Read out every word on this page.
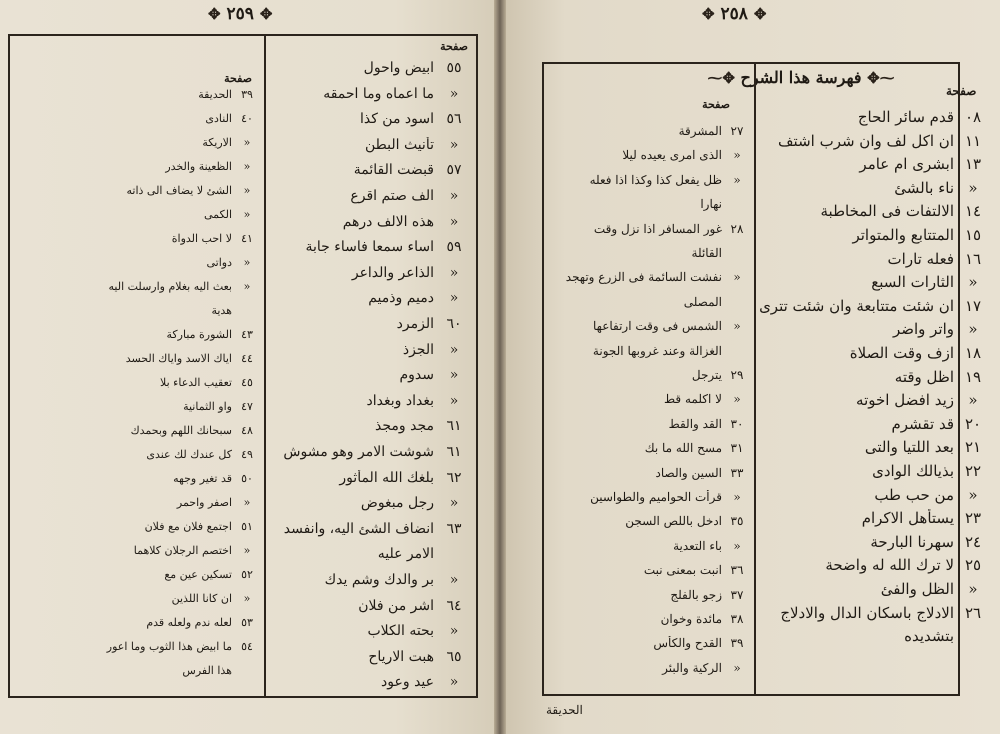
✥ ٢٥٩ ✥
صفحة
صفحة
٥٥
ابيض واحول
»
ما اعماه وما احمقه
٥٦
اسود من كذا
»
تأنيث البطن
٥٧
قبضت القائمة
»
الف صتم اقرع
»
هذه الالف درهم
٥٩
اساء سمعا فاساء جابة
»
الذاعر والداعر
»
دميم وذميم
٦٠
الزمرد
»
الجزذ
»
سدوم
»
بغداد وبغداد
٦١
مجد ومجذ
٦١
شوشت الامر وهو مشوش
٦٢
بلغك الله المأثور
»
رجل مبغوض
٦٣
انضاف الشئ اليه، وانفسد
الامر عليه
»
بر والدك وشم يدك
٦٤
اشر من فلان
»
بحته الكلاب
٦٥
هبت الارياح
»
عيد وعود
٣٩
الحديقة
٤٠
النادى
»
الاريكة
»
الظعينة والخدر
»
الشئ لا يضاف الى ذاته
»
الكمى
٤١
لا احب الدواة
»
دواتى
»
بعث اليه بغلام وارسلت اليه
هدية
٤٣
الشورة مباركة
٤٤
اياك الاسد واياك الحسد
٤٥
تعقيب الدعاء بلا
٤٧
واو الثمانية
٤٨
سبحانك اللهم وبحمدك
٤٩
كل عندك لك عندى
٥٠
قد تغير وجهه
»
اصفر واحمر
٥١
اجتمع فلان مع فلان
»
اختصم الرجلان كلاهما
٥٢
تسكين عين مع
»
ان كانا اللذين
٥٣
لعله ندم ولعله قدم
٥٤
ما ابيض هذا الثوب وما اعور
هذا الفرس
✥ ٢٥٨ ✥
⁓✥ فهرسة هذا الشرح ✥⁓
صفحة
صفحة
٠٨
قدم سائر الحاج
١١
ان اكل لف وان شرب اشتف
١٣
ابشرى ام عامر
»
ناء بالشئ
١٤
الالتفات فى المخاطبة
١٥
المتتابع والمتواتر
١٦
فعله تارات
»
الثارات السبع
١٧
ان شئت متتابعة وان شئت تترى
»
واتر واضر
١٨
ازف وقت الصلاة
١٩
اظل وقته
»
زيد افضل اخوته
٢٠
قد تقشرم
٢١
بعد اللتيا والتى
٢٢
بذيالك الوادى
»
من حب طب
٢٣
يستأهل الاكرام
٢٤
سهرنا البارحة
٢٥
لا ترك الله له واضحة
»
الظل والفئ
٢٦
الادلاج باسكان الدال والادلاج
بتشديده
٢٧
المشرقة
»
الذى امرى يعيده ليلا
»
ظل يفعل كذا وكذا اذا فعله
نهارا
٢٨
غور المسافر اذا نزل وقت
القائلة
»
نفشت السائمة فى الزرع وتهجد
المصلى
»
الشمس فى وقت ارتفاعها
الغزالة وعند غروبها الجونة
٢٩
يترجل
»
لا اكلمه قط
٣٠
القد والقط
٣١
مسح الله ما بك
٣٣
السين والصاد
»
قرأت الحواميم والطواسين
٣٥
ادخل باللص السجن
»
باء التعدية
٣٦
انبت بمعنى نبت
٣٧
زجو بالفلج
٣٨
مائدة وخوان
٣٩
القدح والكأس
»
الركية والبئر
الحديقة
